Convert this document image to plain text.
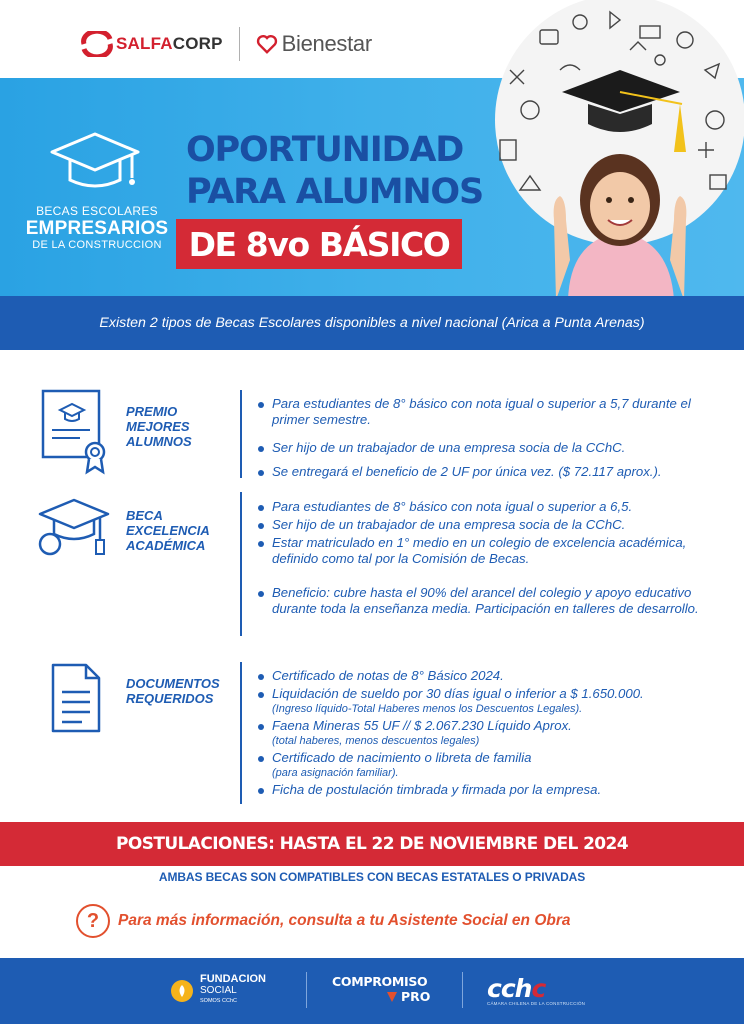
SALFACORP	Bienestar
BECAS ESCOLARES
EMPRESARIOS
DE LA CONSTRUCCION
OPORTUNIDAD
PARA ALUMNOS
DE 8vo BÁSICO
Existen 2 tipos de Becas Escolares disponibles a nivel nacional (Arica a Punta Arenas)
PREMIO
MEJORES
ALUMNOS
Para estudiantes de 8° básico con nota igual o superior a 5,7 durante el primer semestre.
Ser hijo de un trabajador de una empresa socia de la CChC.
Se entregará el beneficio de 2 UF por única vez. ($ 72.117 aprox.).
BECA
EXCELENCIA
ACADÉMICA
Para estudiantes de 8° básico con nota igual o superior a 6,5.
Ser hijo de un trabajador de una empresa socia de la CChC.
Estar matriculado en 1° medio en un colegio de excelencia académica, definido como tal por la Comisión de Becas.
Beneficio: cubre hasta el 90% del arancel del colegio y apoyo educativo durante toda la enseñanza media. Participación en talleres de desarrollo.
DOCUMENTOS
REQUERIDOS
Certificado de notas de 8° Básico 2024.
Liquidación de sueldo por 30 días igual o inferior a $ 1.650.000.
(Ingreso líquido-Total Haberes menos los Descuentos Legales).
Faena Mineras 55 UF // $ 2.067.230 Líquido Aprox.
(total haberes, menos descuentos legales)
Certificado de nacimiento o libreta de familia
(para asignación familiar).
Ficha de postulación timbrada y firmada por la empresa.
POSTULACIONES: HASTA EL 22 DE NOVIEMBRE DEL 2024
AMBAS BECAS SON COMPATIBLES CON BECAS ESTATALES O PRIVADAS
?	Para más información, consulta a tu Asistente Social en Obra
FUNDACION
SOCIAL
SOMOS CChC
COMPROMISO
PRO cchc
CÁMARA CHILENA DE LA CONSTRUCCIÓN
